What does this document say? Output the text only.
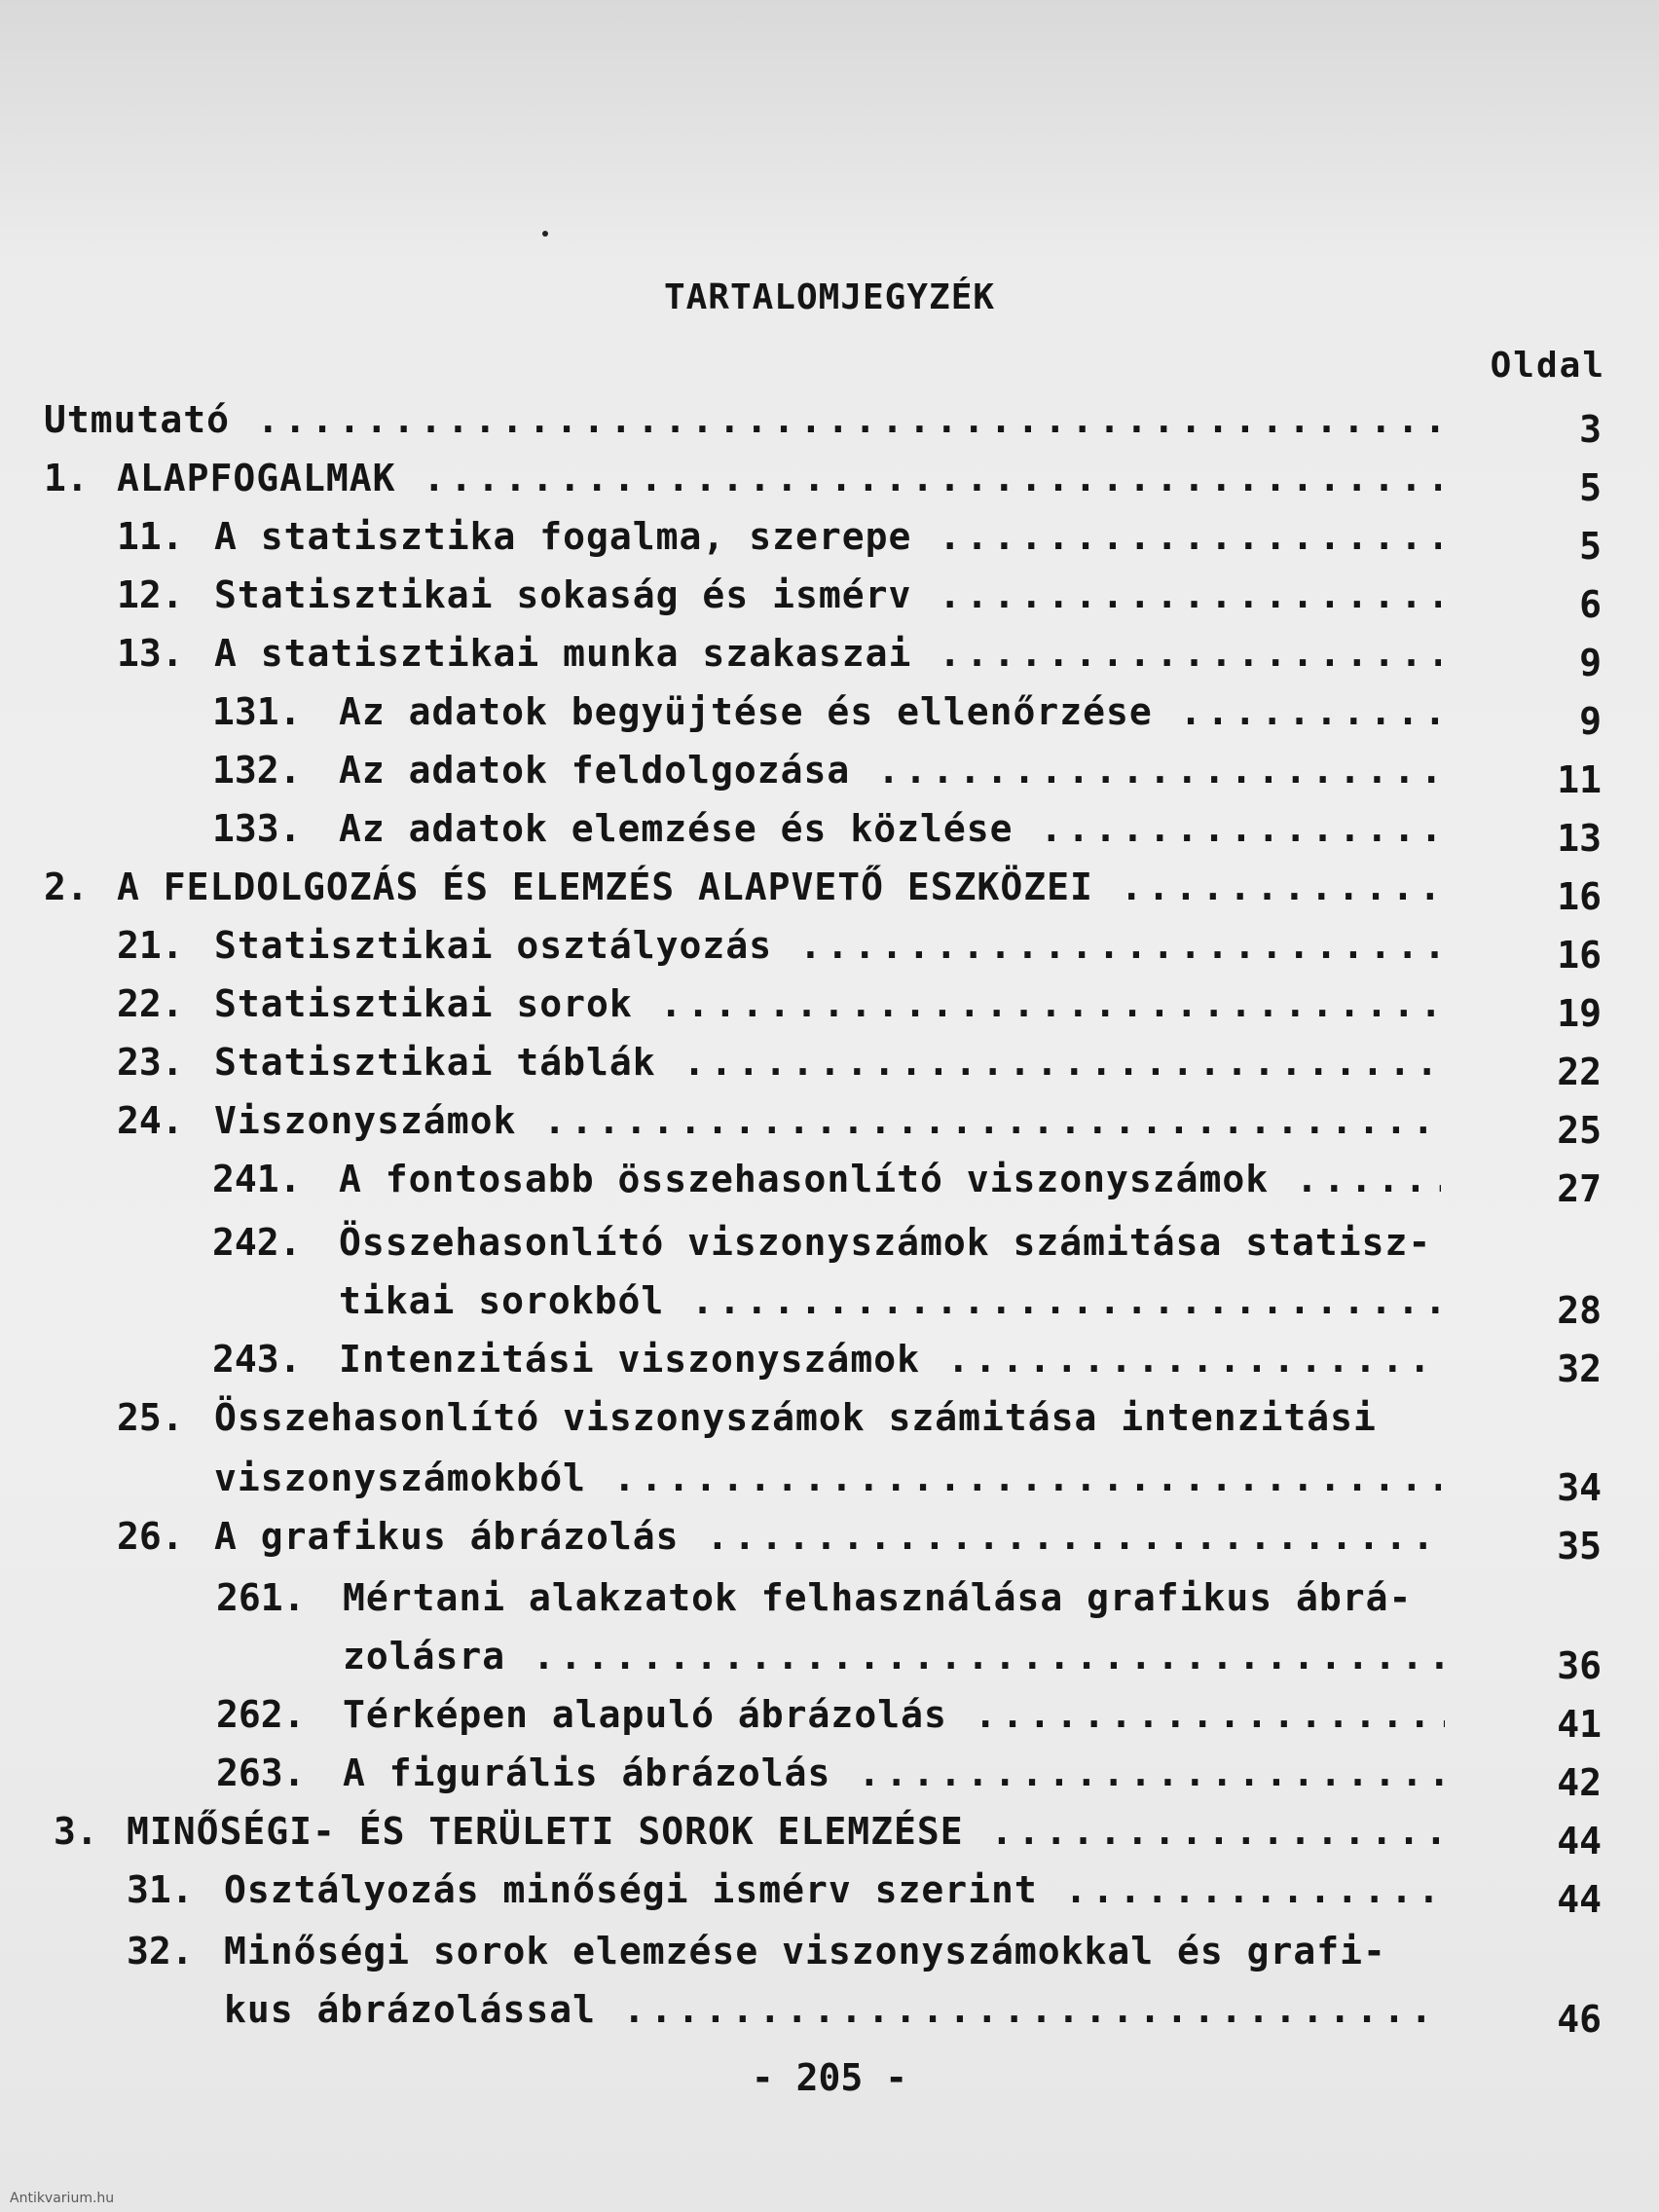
TARTALOMJEGYZÉK
Oldal
Utmutató .....	3
1. ALAPFOGALMAK .....	5
11. A statisztika fogalma, szerepe .....	5
12. Statisztikai sokaság és ismérv .....	6
13. A statisztikai munka szakaszai .....	9
131. Az adatok begyüjtése és ellenőrzése .....	9
132. Az adatok feldolgozása .....	11
133. Az adatok elemzése és közlése .....	13
2. A FELDOLGOZÁS ÉS ELEMZÉS ALAPVETŐ ESZKÖZEI .....	16
21. Statisztikai osztályozás .....	16
22. Statisztikai sorok .....	19
23. Statisztikai táblák .....	22
24. Viszonyszámok .....	25
241. A fontosabb összehasonlító viszonyszámok .....	27
242. Összehasonlító viszonyszámok számitása statisz-
tikai sorokból .....	28
243. Intenzitási viszonyszámok .....	32
25. Összehasonlító viszonyszámok számitása intenzitási
viszonyszámokból .....	34
26. A grafikus ábrázolás .....	35
261. Mértani alakzatok felhasználása grafikus ábrá-
zolásra .....	36
262. Térképen alapuló ábrázolás .....	41
263. A figurális ábrázolás .....	42
3. MINŐSÉGI- ÉS TERÜLETI SOROK ELEMZÉSE .....	44
31. Osztályozás minőségi ismérv szerint .....	44
32. Minőségi sorok elemzése viszonyszámokkal és grafi-
kus ábrázolással .....	46
- 205 -
Antikvarium.hu
